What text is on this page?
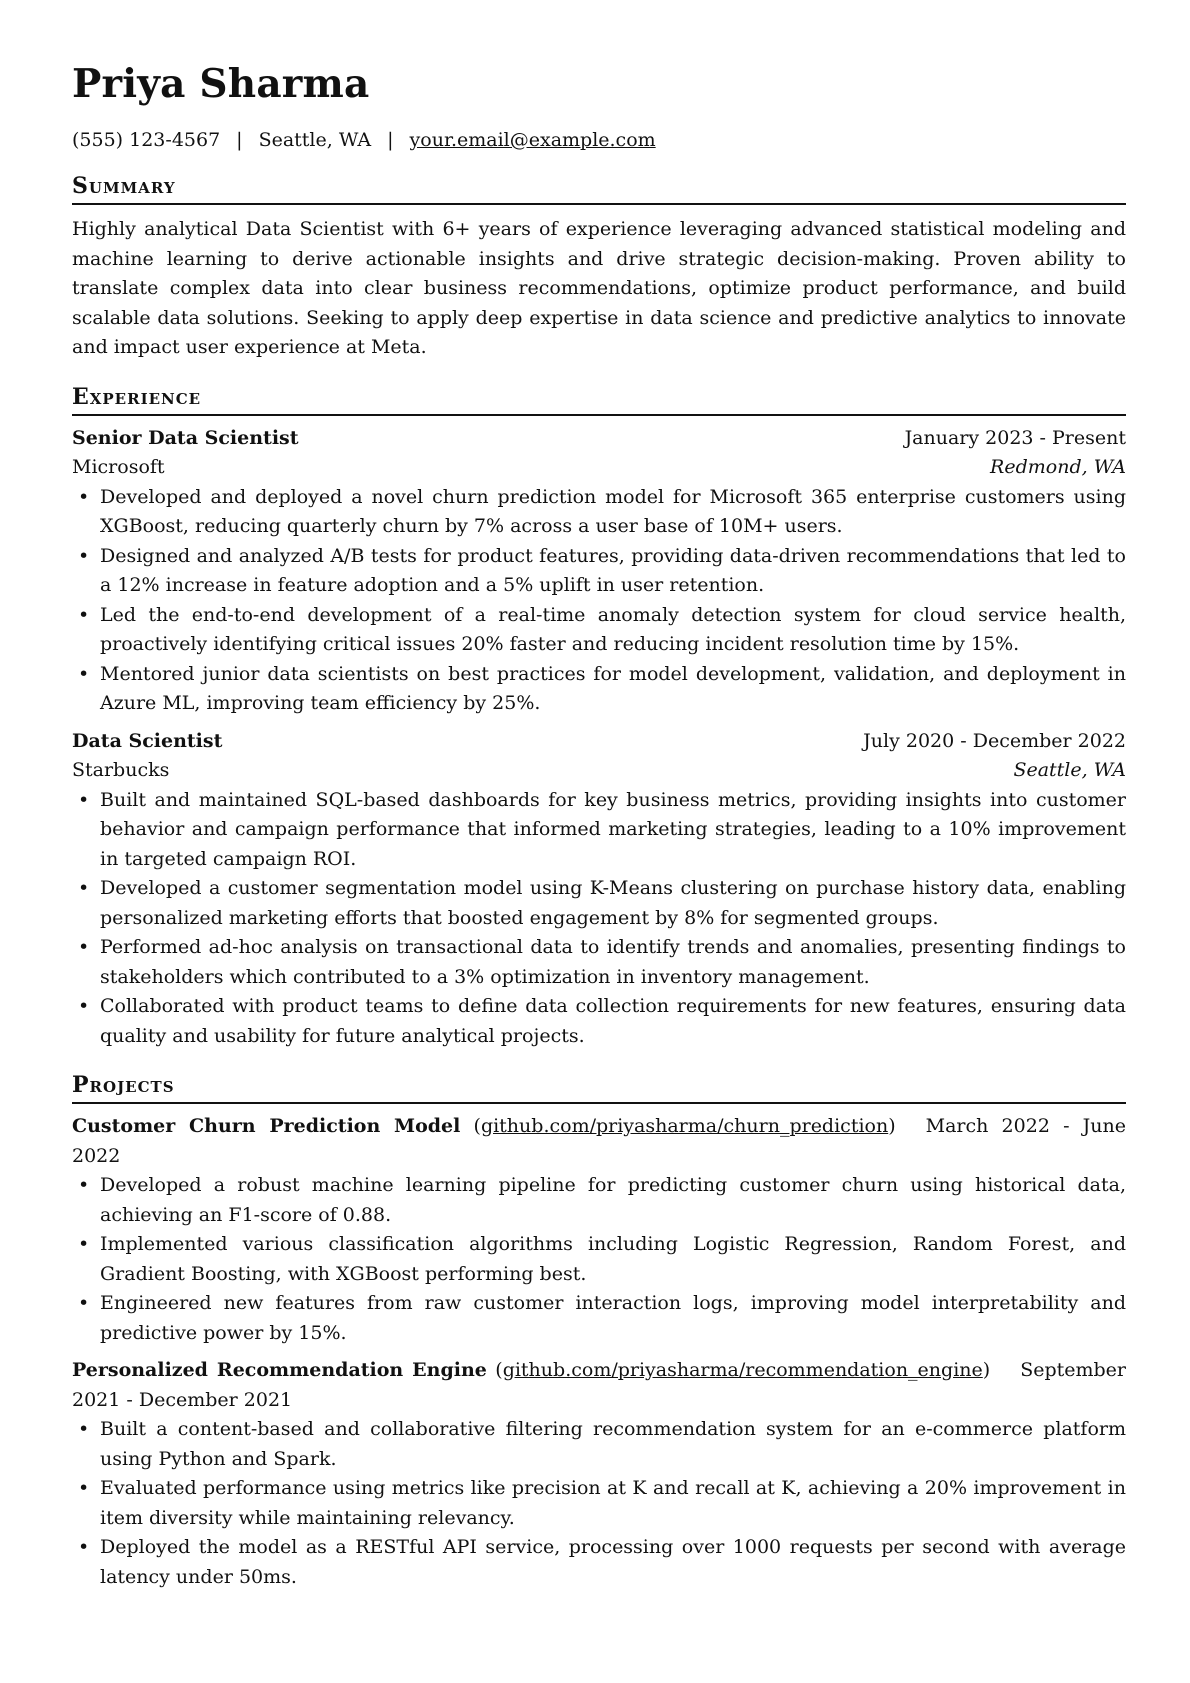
Priya Sharma
(555) 123-4567 | Seattle, WA | your.email@example.com
Summary
Highly analytical Data Scientist with 6+ years of experience leveraging advanced statistical modeling and machine learning to derive actionable insights and drive strategic decision-making. Proven ability to translate complex data into clear business recommendations, optimize product performance, and build scalable data solutions. Seeking to apply deep expertise in data science and predictive analytics to innovate and impact user experience at Meta.
Experience
Senior Data Scientist	January 2023 - Present
Microsoft	Redmond, WA
• Developed and deployed a novel churn prediction model for Microsoft 365 enterprise customers using XGBoost, reducing quarterly churn by 7% across a user base of 10M+ users.
• Designed and analyzed A/B tests for product features, providing data-driven recommendations that led to a 12% increase in feature adoption and a 5% uplift in user retention.
• Led the end-to-end development of a real-time anomaly detection system for cloud service health, proactively identifying critical issues 20% faster and reducing incident resolution time by 15%.
• Mentored junior data scientists on best practices for model development, validation, and deployment in Azure ML, improving team efficiency by 25%.
Data Scientist	July 2020 - December 2022
Starbucks	Seattle, WA
• Built and maintained SQL-based dashboards for key business metrics, providing insights into customer behavior and campaign performance that informed marketing strategies, leading to a 10% improvement in targeted campaign ROI.
• Developed a customer segmentation model using K-Means clustering on purchase history data, enabling personalized marketing efforts that boosted engagement by 8% for segmented groups.
• Performed ad-hoc analysis on transactional data to identify trends and anomalies, presenting findings to stakeholders which contributed to a 3% optimization in inventory management.
• Collaborated with product teams to define data collection requirements for new features, ensuring data quality and usability for future analytical projects.
Projects
Customer Churn Prediction Model (github.com/priyasharma/churn_prediction) March 2022 - June 2022
• Developed a robust machine learning pipeline for predicting customer churn using historical data, achieving an F1-score of 0.88.
• Implemented various classification algorithms including Logistic Regression, Random Forest, and Gradient Boosting, with XGBoost performing best.
• Engineered new features from raw customer interaction logs, improving model interpretability and predictive power by 15%.
Personalized Recommendation Engine (github.com/priyasharma/recommendation_engine) September 2021 - December 2021
• Built a content-based and collaborative filtering recommendation system for an e-commerce platform using Python and Spark.
• Evaluated performance using metrics like precision at K and recall at K, achieving a 20% improvement in item diversity while maintaining relevancy.
• Deployed the model as a RESTful API service, processing over 1000 requests per second with average latency under 50ms.
